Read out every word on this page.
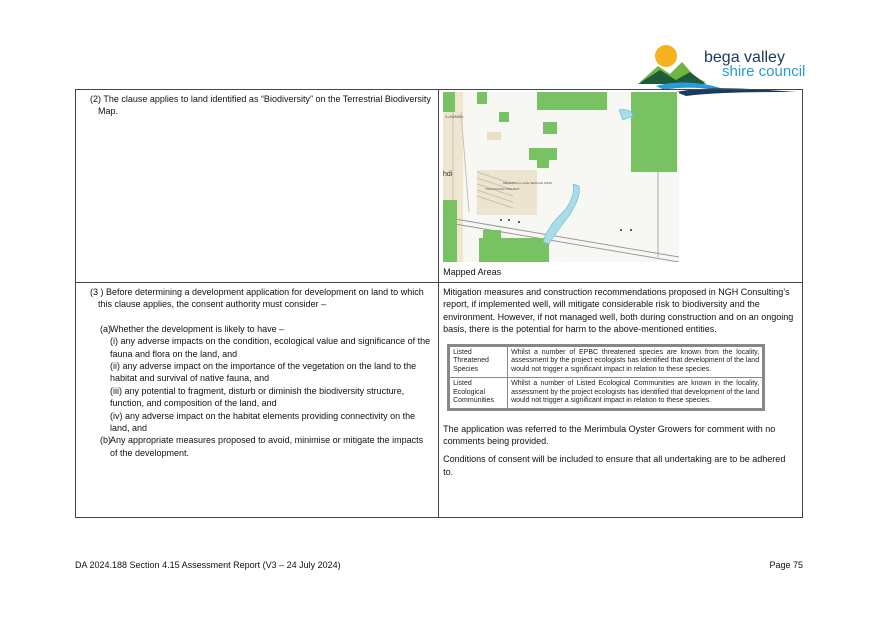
bega valley
shire council
(2) The clause applies to land identified as “Biodiversity” on the Terrestrial Biodiversity Map.

ILLAWAMBA
hdi
MERIMBULA LAKE SEWAGE WEIR
TRAFFICKING PROJECT
Mapped Areas

(3 ) Before determining a development application for development on land to which this clause applies, the consent authority must consider –
(a) Whether the development is likely to have –
(i) any adverse impacts on the condition, ecological value and significance of the fauna and flora on the land, and
(ii) any adverse impact on the importance of the vegetation on the land to the habitat and survival of native fauna, and
(iii) any potential to fragment, disturb or diminish the biodiversity structure, function, and composition of the land, and
(iv) any adverse impact on the habitat elements providing connectivity on the land, and
(b) Any appropriate measures proposed to avoid, minimise or mitigate the impacts of the development.

Mitigation measures and construction recommendations proposed in NGH Consulting’s report, if implemented well, will mitigate considerable risk to biodiversity and the environment. However, if not managed well, both during construction and on an ongoing basis, there is the potential for harm to the above-mentioned entities.
Listed Threatened Species	Whilst a number of EPBC threatened species are known from the locality, assessment by the project ecologists has identified that development of the land would not trigger a significant impact in relation to these species.
Listed Ecological Communities	Whilst a number of Listed Ecological Communities are known in the locality, assessment by the project ecologists has identified that development of the land would not trigger a significant impact in relation to these species.
The application was referred to the Merimbula Oyster Growers for comment with no comments being provided.
Conditions of consent will be included to ensure that all undertaking are to be adhered to.
DA 2024.188 Section 4.15 Assessment Report (V3 – 24 July 2024)	Page 75
